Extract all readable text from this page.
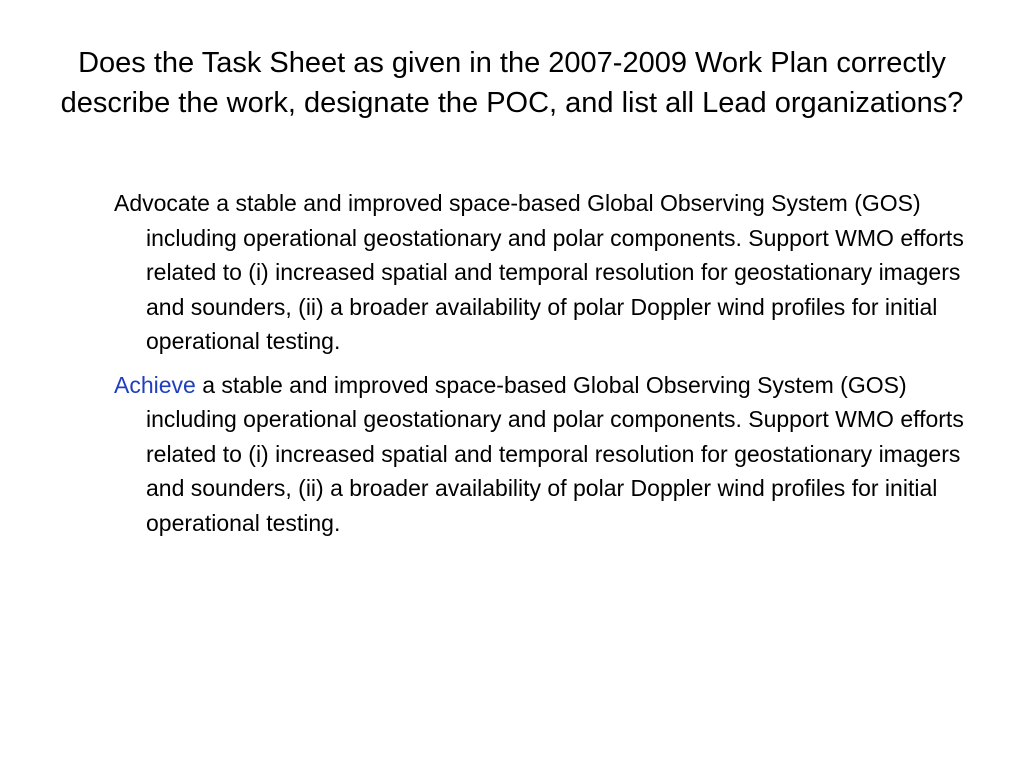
Does the Task Sheet as given in the 2007-2009 Work Plan correctly describe the work, designate the POC, and list all Lead organizations?

Advocate a stable and improved space-based Global Observing System (GOS) including operational geostationary and polar components. Support WMO efforts related to (i) increased spatial and temporal resolution for geostationary imagers and sounders, (ii) a broader availability of polar Doppler wind profiles for initial operational testing.

Achieve a stable and improved space-based Global Observing System (GOS) including operational geostationary and polar components. Support WMO efforts related to (i) increased spatial and temporal resolution for geostationary imagers and sounders, (ii) a broader availability of polar Doppler wind profiles for initial operational testing.
